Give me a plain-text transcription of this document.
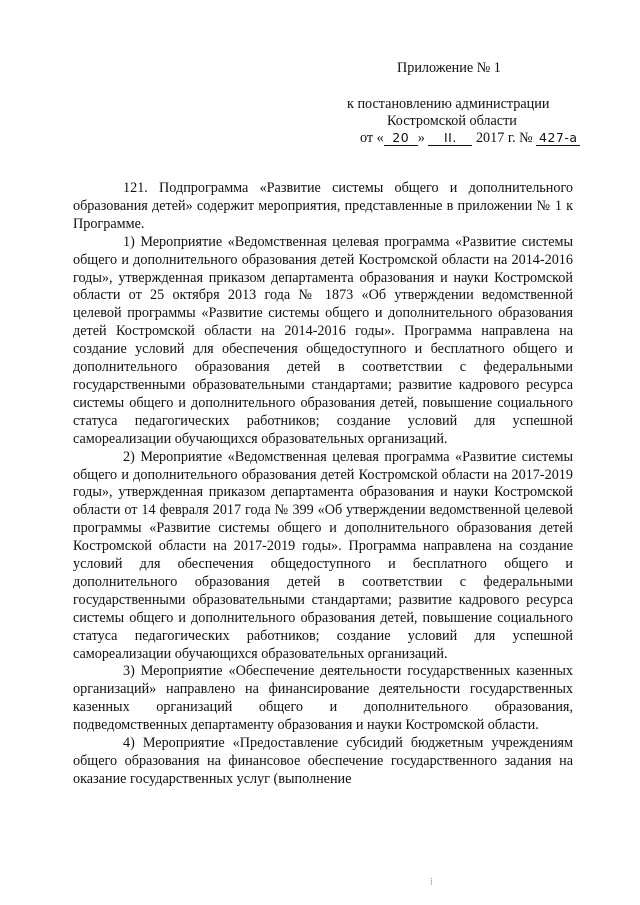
Приложение № 1
к постановлению администрации
Костромской области
от « 20 » II. 2017 г. № 427-а

121. Подпрограмма «Развитие системы общего и дополнительного образования детей» содержит мероприятия, представленные в приложении № 1 к Программе.

1) Мероприятие «Ведомственная целевая программа «Развитие системы общего и дополнительного образования детей Костромской области на 2014-2016 годы», утвержденная приказом департамента образования и науки Костромской области от 25 октября 2013 года № 1873 «Об утверждении ведомственной целевой программы «Развитие системы общего и дополнительного образования детей Костромской области на 2014-2016 годы». Программа направлена на создание условий для обеспечения общедоступного и бесплатного общего и дополнительного образования детей в соответствии с федеральными государственными образовательными стандартами; развитие кадрового ресурса системы общего и дополнительного образования детей, повышение социального статуса педагогических работников; создание условий для успешной самореализации обучающихся образовательных организаций.

2) Мероприятие «Ведомственная целевая программа «Развитие системы общего и дополнительного образования детей Костромской области на 2017-2019 годы», утвержденная приказом департамента образования и науки Костромской области от 14 февраля 2017 года № 399 «Об утверждении ведомственной целевой программы «Развитие системы общего и дополнительного образования детей Костромской области на 2017-2019 годы». Программа направлена на создание условий для обеспечения общедоступного и бесплатного общего и дополнительного образования детей в соответствии с федеральными государственными образовательными стандартами; развитие кадрового ресурса системы общего и дополнительного образования детей, повышение социального статуса педагогических работников; создание условий для успешной самореализации обучающихся образовательных организаций.

3) Мероприятие «Обеспечение деятельности государственных казенных организаций» направлено на финансирование деятельности государственных казенных организаций общего и дополнительного образования, подведомственных департаменту образования и науки Костромской области.

4) Мероприятие «Предоставление субсидий бюджетным учреждениям общего образования на финансовое обеспечение государственного задания на оказание государственных услуг (выполнение

⁞
